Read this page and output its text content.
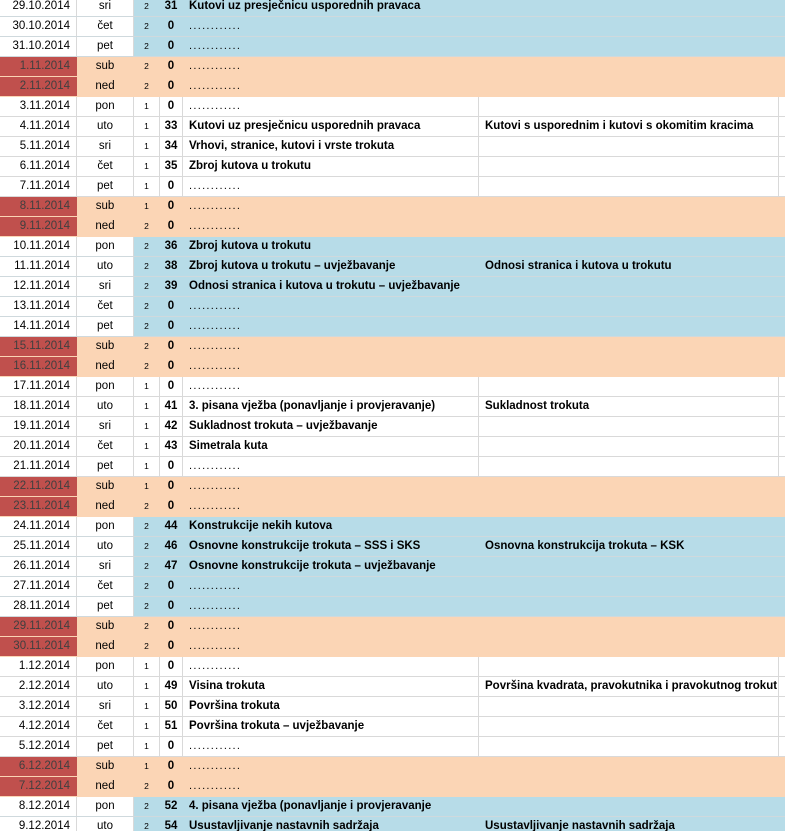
29.10.2014	sri	2	31	Kutovi uz presječnicu usporednih pravaca
30.10.2014	čet	2	0	............
31.10.2014	pet	2	0	............
1.11.2014	sub	2	0	............
2.11.2014	ned	2	0	............
3.11.2014	pon	1	0	............
4.11.2014	uto	1	33	Kutovi uz presječnicu usporednih pravaca	Kutovi s usporednim i kutovi s okomitim kracima
5.11.2014	sri	1	34	Vrhovi, stranice, kutovi i vrste trokuta
6.11.2014	čet	1	35	Zbroj kutova u trokutu
7.11.2014	pet	1	0	............
8.11.2014	sub	1	0	............
9.11.2014	ned	2	0	............
10.11.2014	pon	2	36	Zbroj kutova u trokutu
11.11.2014	uto	2	38	Zbroj kutova u trokutu – uvježbavanje	Odnosi stranica i kutova u trokutu
12.11.2014	sri	2	39	Odnosi stranica i kutova u trokutu – uvježbavanje
13.11.2014	čet	2	0	............
14.11.2014	pet	2	0	............
15.11.2014	sub	2	0	............
16.11.2014	ned	2	0	............
17.11.2014	pon	1	0	............
18.11.2014	uto	1	41	3. pisana vježba (ponavljanje i provjeravanje)	Sukladnost trokuta
19.11.2014	sri	1	42	Sukladnost trokuta – uvježbavanje
20.11.2014	čet	1	43	Simetrala kuta
21.11.2014	pet	1	0	............
22.11.2014	sub	1	0	............
23.11.2014	ned	2	0	............
24.11.2014	pon	2	44	Konstrukcije nekih kutova
25.11.2014	uto	2	46	Osnovne konstrukcije trokuta – SSS i SKS	Osnovna konstrukcija trokuta – KSK
26.11.2014	sri	2	47	Osnovne konstrukcije trokuta – uvježbavanje
27.11.2014	čet	2	0	............
28.11.2014	pet	2	0	............
29.11.2014	sub	2	0	............
30.11.2014	ned	2	0	............
1.12.2014	pon	1	0	............
2.12.2014	uto	1	49	Visina trokuta	Površina kvadrata, pravokutnika i pravokutnog trokut
3.12.2014	sri	1	50	Površina trokuta
4.12.2014	čet	1	51	Površina trokuta – uvježbavanje
5.12.2014	pet	1	0	............
6.12.2014	sub	1	0	............
7.12.2014	ned	2	0	............
8.12.2014	pon	2	52	4. pisana vježba (ponavljanje i provjeravanje
9.12.2014	uto	2	54	Usustavljivanje nastavnih sadržaja	Usustavljivanje nastavnih sadržaja
